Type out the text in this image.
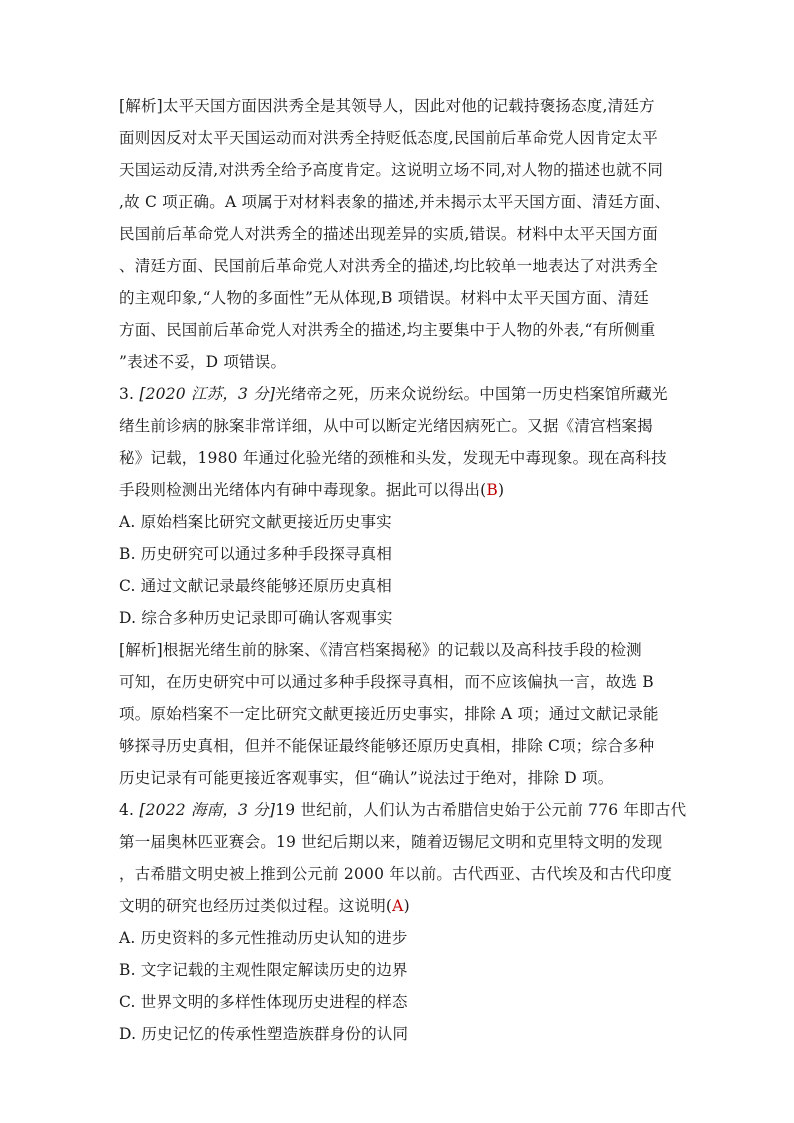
[解析]太平天国方面因洪秀全是其领导人，因此对他的记载持褒扬态度,清廷方
面则因反对太平天国运动而对洪秀全持贬低态度,民国前后革命党人因肯定太平
天国运动反清,对洪秀全给予高度肯定。这说明立场不同,对人物的描述也就不同
,故 C 项正确。A 项属于对材料表象的描述,并未揭示太平天国方面、清廷方面、
民国前后革命党人对洪秀全的描述出现差异的实质,错误。材料中太平天国方面
、清廷方面、民国前后革命党人对洪秀全的描述,均比较单一地表达了对洪秀全
的主观印象,“人物的多面性”无从体现,B 项错误。材料中太平天国方面、清廷
方面、民国前后革命党人对洪秀全的描述,均主要集中于人物的外表,“有所侧重
”表述不妥，D 项错误。
3. [2020 江苏，3 分]光绪帝之死，历来众说纷纭。中国第一历史档案馆所藏光
绪生前诊病的脉案非常详细，从中可以断定光绪因病死亡。又据《清宫档案揭
秘》记载，1980 年通过化验光绪的颈椎和头发，发现无中毒现象。现在高科技
手段则检测出光绪体内有砷中毒现象。据此可以得出(B)
A. 原始档案比研究文献更接近历史事实
B. 历史研究可以通过多种手段探寻真相
C. 通过文献记录最终能够还原历史真相
D. 综合多种历史记录即可确认客观事实
[解析]根据光绪生前的脉案、《清宫档案揭秘》的记载以及高科技手段的检测
可知，在历史研究中可以通过多种手段探寻真相，而不应该偏执一言，故选 B
项。原始档案不一定比研究文献更接近历史事实，排除 A 项；通过文献记录能
够探寻历史真相，但并不能保证最终能够还原历史真相，排除 C项；综合多种
历史记录有可能更接近客观事实，但“确认”说法过于绝对，排除 D 项。
4. [2022 海南，3 分]19 世纪前，人们认为古希腊信史始于公元前 776 年即古代
第一届奥林匹亚赛会。19 世纪后期以来，随着迈锡尼文明和克里特文明的发现
，古希腊文明史被上推到公元前 2000 年以前。古代西亚、古代埃及和古代印度
文明的研究也经历过类似过程。这说明(A)
A. 历史资料的多元性推动历史认知的进步
B. 文字记载的主观性限定解读历史的边界
C. 世界文明的多样性体现历史进程的样态
D. 历史记忆的传承性塑造族群身份的认同
